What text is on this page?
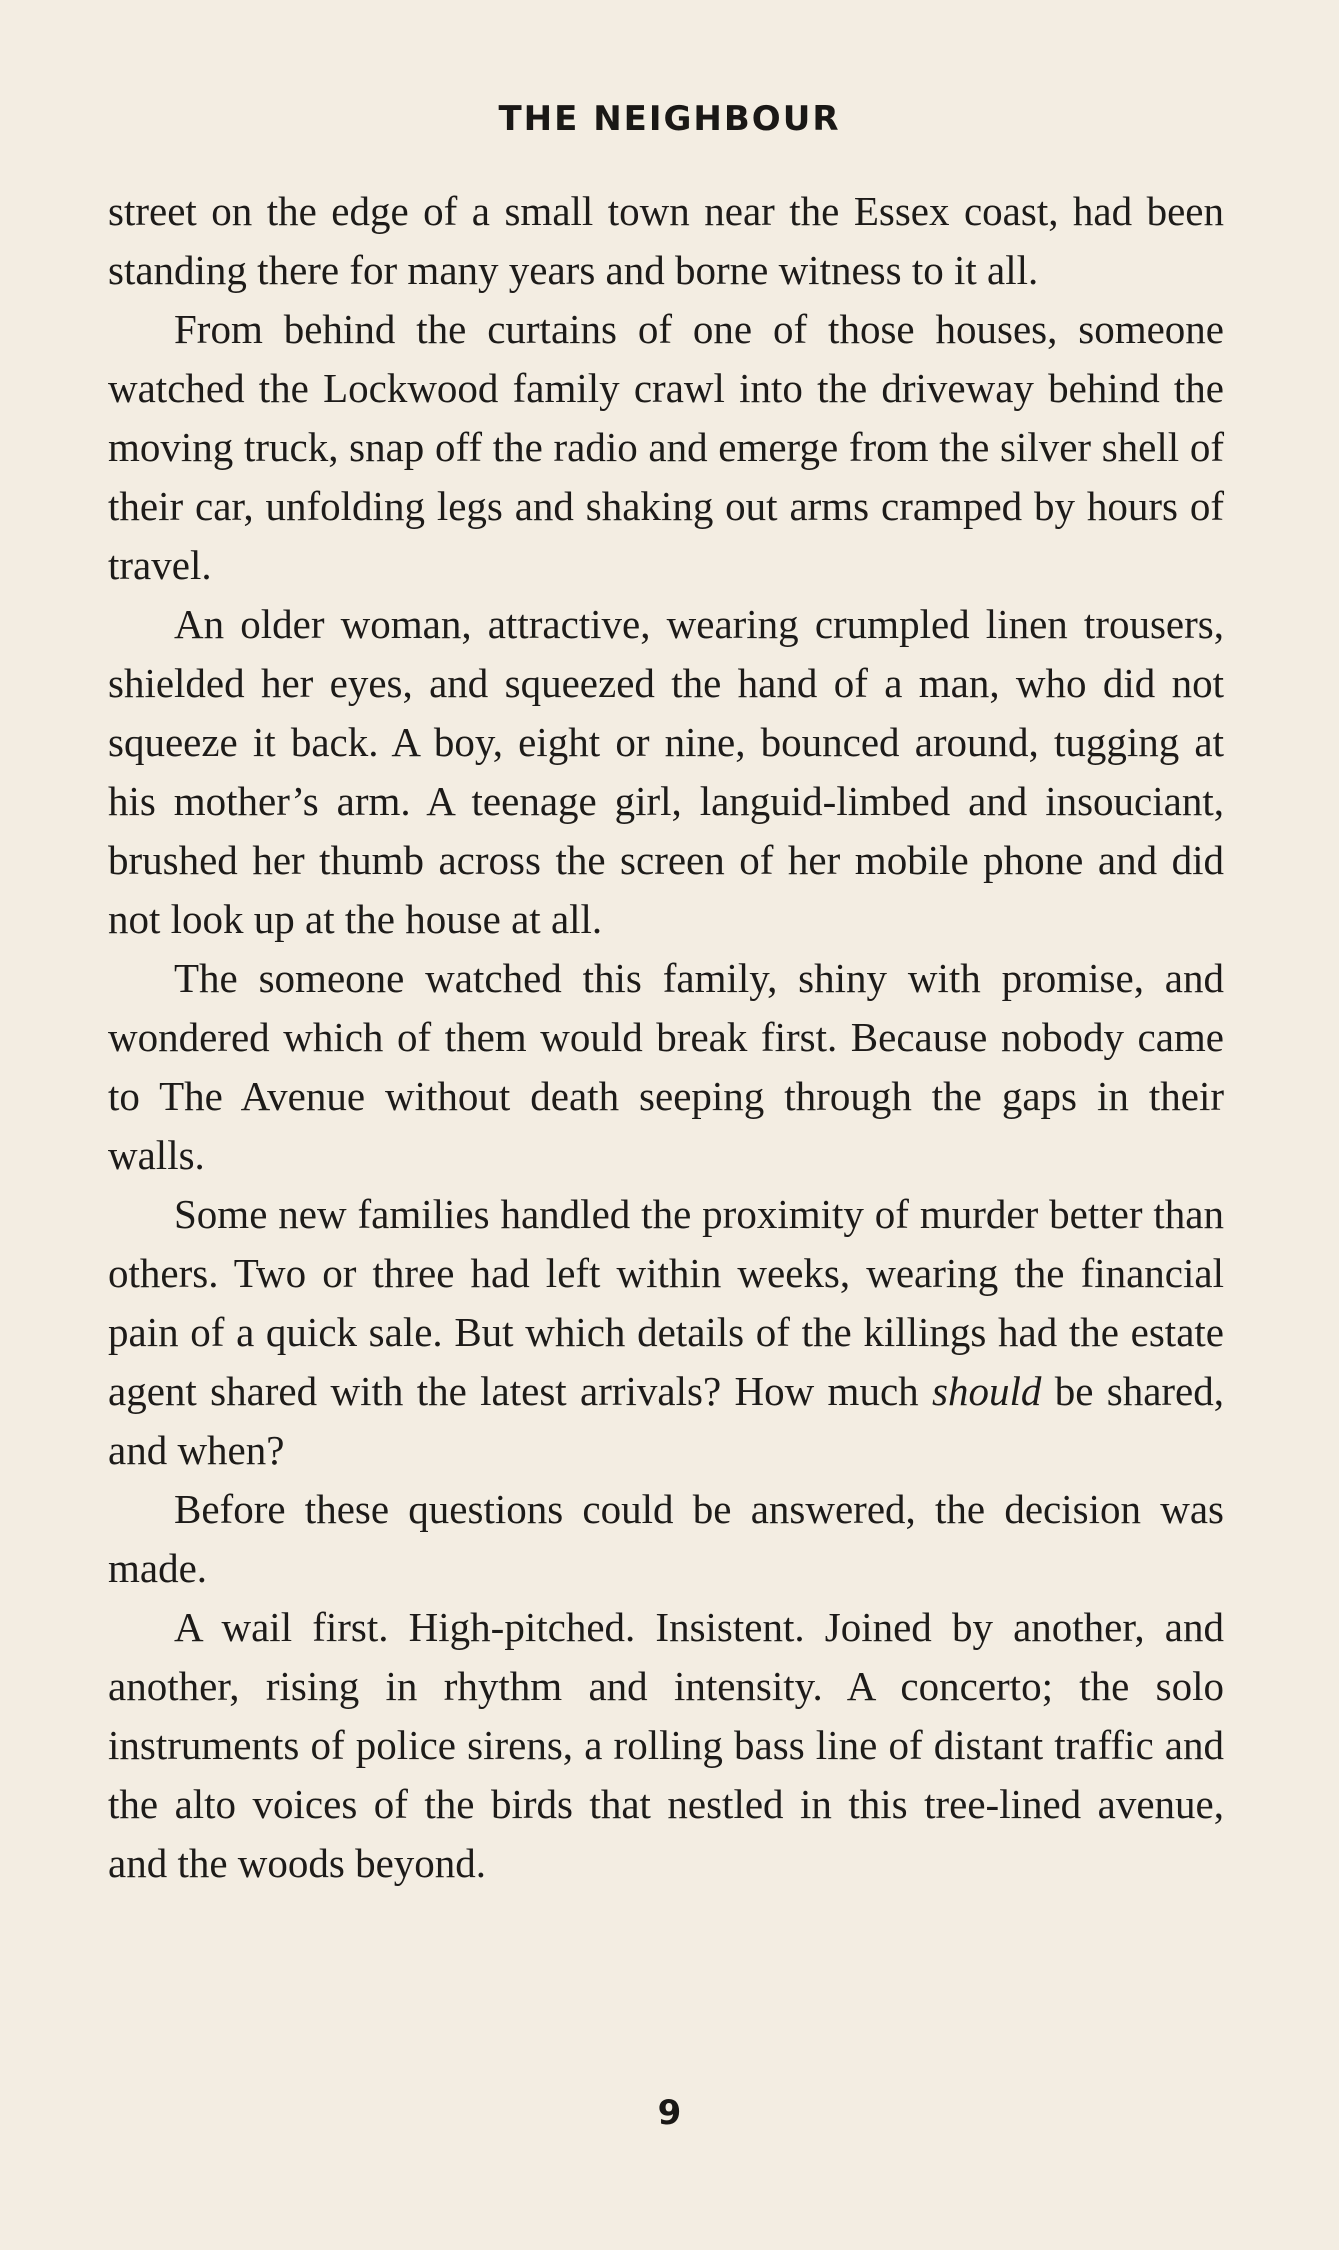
THE NEIGHBOUR

street on the edge of a small town near the Essex coast, had been standing there for many years and borne witness to it all.

From behind the curtains of one of those houses, someone watched the Lockwood family crawl into the driveway behind the moving truck, snap off the radio and emerge from the silver shell of their car, unfolding legs and shaking out arms cramped by hours of travel.

An older woman, attractive, wearing crumpled linen trousers, shielded her eyes, and squeezed the hand of a man, who did not squeeze it back. A boy, eight or nine, bounced around, tugging at his mother’s arm. A teenage girl, languid-limbed and insouciant, brushed her thumb across the screen of her mobile phone and did not look up at the house at all.

The someone watched this family, shiny with promise, and wondered which of them would break first. Because nobody came to The Avenue without death seeping through the gaps in their walls.

Some new families handled the proximity of murder better than others. Two or three had left within weeks, wearing the financial pain of a quick sale. But which details of the killings had the estate agent shared with the latest arrivals? How much should be shared, and when?

Before these questions could be answered, the decision was made.

A wail first. High-pitched. Insistent. Joined by another, and another, rising in rhythm and intensity. A concerto; the solo instruments of police sirens, a rolling bass line of distant traffic and the alto voices of the birds that nestled in this tree-lined avenue, and the woods beyond.

9
